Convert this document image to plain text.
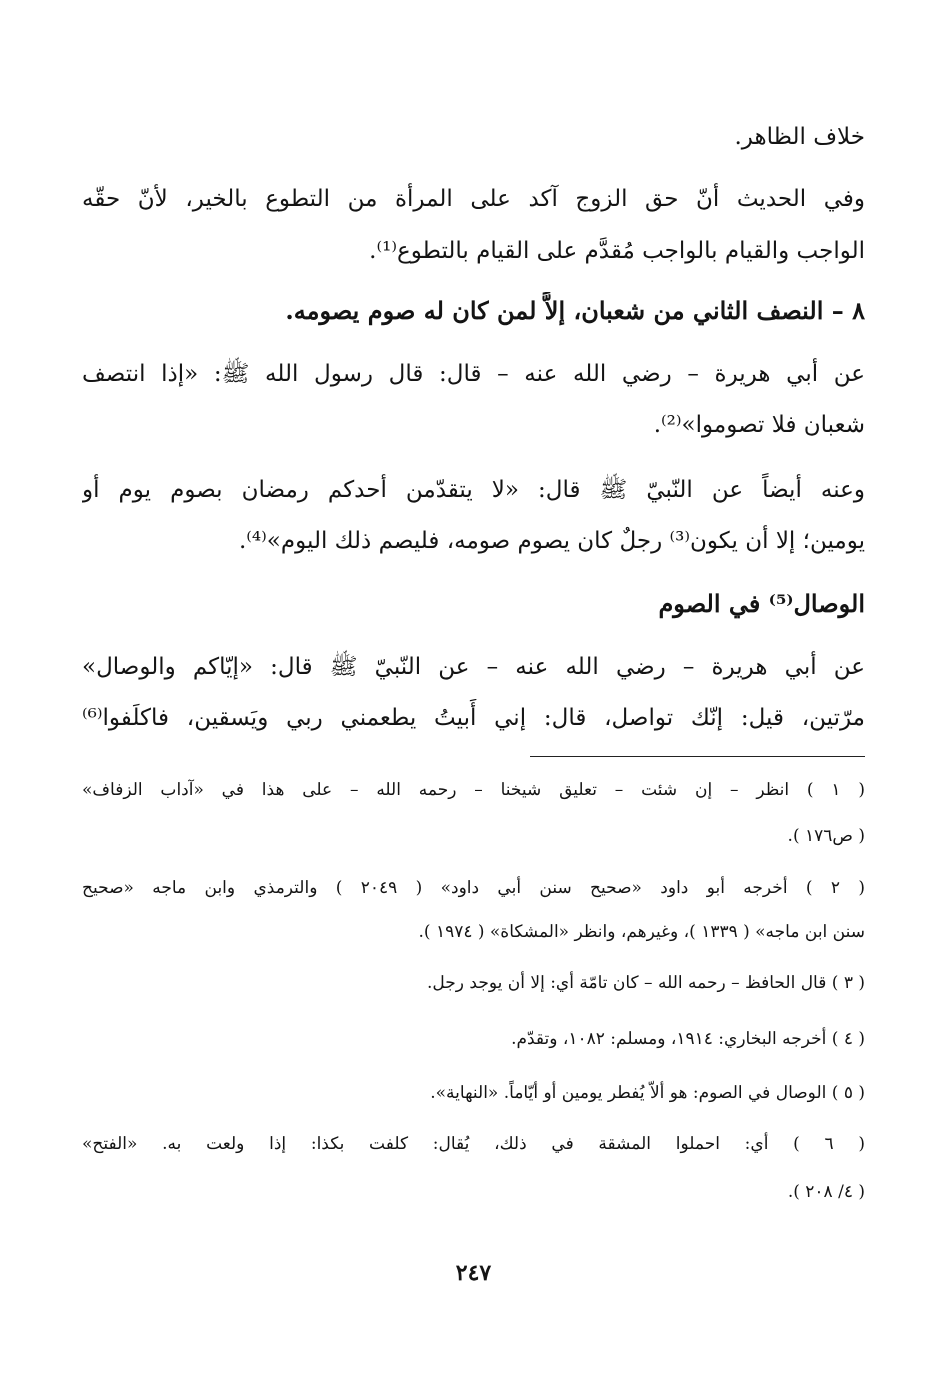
خلاف الظاهر.

وفي الحديث أنّ حق الزوج آكد على المرأة من التطوع بالخير، لأنّ حقّه

الواجب والقيام بالواجب مُقدَّم على القيام بالتطوع⁽¹⁾.

٨ – النصف الثاني من شعبان، إلاَّ لمن كان له صوم يصومه.

عن أبي هريرة – رضي الله عنه – قال: قال رسول الله ﷺ: «إذا انتصف

شعبان فلا تصوموا»⁽²⁾.

وعنه أيضاً عن النّبيّ ﷺ قال: «لا يتقدّمن أحدكم رمضان بصوم يوم أو

يومين؛ إلا أن يكون⁽³⁾ رجلٌ كان يصوم صومه، فليصم ذلك اليوم»⁽⁴⁾.

الوصال⁽⁵⁾ في الصوم

عن أبي هريرة – رضي الله عنه – عن النّبيّ ﷺ قال: «إيّاكم والوصال»

مرّتين، قيل: إنّك تواصل، قال: إني أَبيتُ يطعمني ربي ويَسقين، فاكلَفوا⁽⁶⁾

( ١ ) انظر – إن شئت – تعليق شيخنا – رحمه الله – على هذا في «آداب الزفاف»

( ص١٧٦ ).

( ٢ ) أخرجه أبو داود «صحيح سنن أبي داود» ( ٢٠٤٩ ) والترمذي وابن ماجه «صحيح

سنن ابن ماجه» ( ١٣٣٩ )، وغيرهم، وانظر «المشكاة» ( ١٩٧٤ ).

( ٣ ) قال الحافظ – رحمه الله – كان تامّة أي: إلا أن يوجد رجل.

( ٤ ) أخرجه البخاري: ١٩١٤، ومسلم: ١٠٨٢، وتقدّم.

( ٥ ) الوصال في الصوم: هو ألاّ يُفطر يومين أو أيّاماً. «النهاية».

( ٦ ) أي: احملوا المشقة في ذلك، يُقال: كلفت بكذا: إذا ولعت به. «الفتح»

( ٤/ ٢٠٨ ).

٢٤٧
